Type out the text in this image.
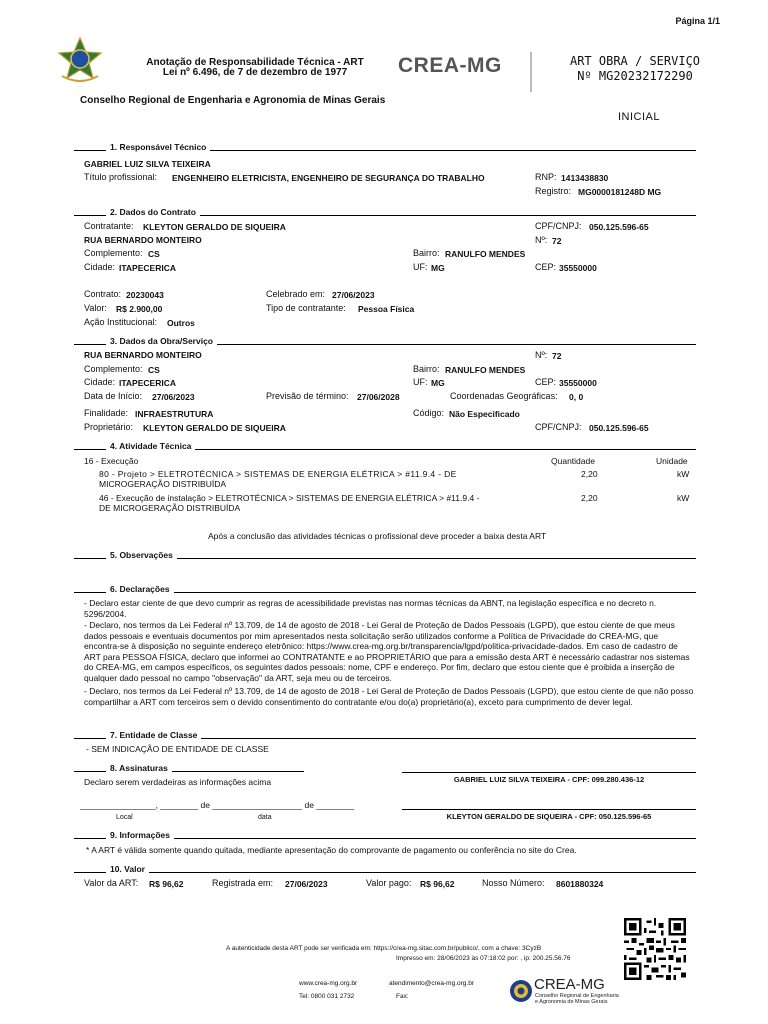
Página 1/1
Anotação de Responsabilidade Técnica - ART
Lei nº 6.496, de 7 de dezembro de 1977	CREA-MG	ART OBRA / SERVIÇO
Nº MG20232172290
Conselho Regional de Engenharia e Agronomia de Minas Gerais
INICIAL
1. Responsável Técnico
GABRIEL LUIZ SILVA TEIXEIRA
Título profissional: ENGENHEIRO ELETRICISTA, ENGENHEIRO DE SEGURANÇA DO TRABALHO	RNP: 1413438830
Registro: MG0000181248D MG
2. Dados do Contrato
Contratante: KLEYTON GERALDO DE SIQUEIRA	CPF/CNPJ: 050.125.596-65
RUA BERNARDO MONTEIRO	Nº: 72
Complemento: CS	Bairro: RANULFO MENDES
Cidade: ITAPECERICA	UF: MG	CEP: 35550000
Contrato: 20230043	Celebrado em: 27/06/2023
Valor: R$ 2.900,00	Tipo de contratante: Pessoa Física
Ação Institucional: Outros
3. Dados da Obra/Serviço
RUA BERNARDO MONTEIRO	Nº: 72
Complemento: CS	Bairro: RANULFO MENDES
Cidade: ITAPECERICA	UF: MG	CEP: 35550000
Data de Início: 27/06/2023	Previsão de término: 27/06/2028	Coordenadas Geográficas: 0, 0
Finalidade: INFRAESTRUTURA	Código: Não Especificado
Proprietário: KLEYTON GERALDO DE SIQUEIRA	CPF/CNPJ: 050.125.596-65
4. Atividade Técnica
16 - Execução	Quantidade	Unidade
80 - Projeto > ELETROTÉCNICA > SISTEMAS DE ENERGIA ELÉTRICA > #11.9.4 - DE
MICROGERAÇÃO DISTRIBUÍDA
2,20	kW
46 - Execução de instalação > ELETROTÉCNICA > SISTEMAS DE ENERGIA ELÉTRICA > #11.9.4 -
DE MICROGERAÇÃO DISTRIBUÍDA
2,20	kW
Após a conclusão das atividades técnicas o profissional deve proceder a baixa desta ART
5. Observações
6. Declarações
- Declaro estar ciente de que devo cumprir as regras de acessibilidade previstas nas normas técnicas da ABNT, na legislação específica e no decreto n. 5296/2004.
- Declaro, nos termos da Lei Federal nº 13.709, de 14 de agosto de 2018 - Lei Geral de Proteção de Dados Pessoais (LGPD), que estou ciente de que meus dados pessoais e eventuais documentos por mim apresentados nesta solicitação serão utilizados conforme a Política de Privacidade do CREA-MG, que encontra-se à disposição no seguinte endereço eletrônico: https://www.crea-mg.org.br/transparencia/lgpd/politica-privacidade-dados. Em caso de cadastro de ART para PESSOA FÍSICA, declaro que informei ao CONTRATANTE e ao PROPRIETÁRIO que para a emissão desta ART é necessário cadastrar nos sistemas do CREA-MG, em campos específicos, os seguintes dados pessoais: nome, CPF e endereço. Por fim, declaro que estou ciente que é proibida a inserção de qualquer dado pessoal no campo "observação" da ART, seja meu ou de terceiros.
- Declaro, nos termos da Lei Federal nº 13.709, de 14 de agosto de 2018 - Lei Geral de Proteção de Dados Pessoais (LGPD), que estou ciente de que não posso compartilhar a ART com terceiros sem o devido consentimento do contratante e/ou do(a) proprietário(a), exceto para cumprimento de dever legal.
7. Entidade de Classe
- SEM INDICAÇÃO DE ENTIDADE DE CLASSE
8. Assinaturas
Declaro serem verdadeiras as informações acima	GABRIEL LUIZ SILVA TEIXEIRA - CPF: 099.280.436-12
________________, ________ de ___________________ de ________
Local	data	KLEYTON GERALDO DE SIQUEIRA - CPF: 050.125.596-65
9. Informações
* A ART é válida somente quando quitada, mediante apresentação do comprovante de pagamento ou conferência no site do Crea.
10. Valor
Valor da ART: R$ 96,62	Registrada em: 27/06/2023	Valor pago: R$ 96,62	Nosso Número: 8601880324
A autenticidade desta ART pode ser verificada em: https://crea-mg.sitac.com.br/publico/, com a chave: 3CyzB
Impresso em: 28/06/2023 às 07:18:02 por: , ip: 200.25.56.76
www.crea-mg.org.br	atendimento@crea-mg.org.br
Tel: 0800 031 2732	Fax:
CREA-MG
Conselho Regional de Engenharia
e Agronomia de Minas Gerais
